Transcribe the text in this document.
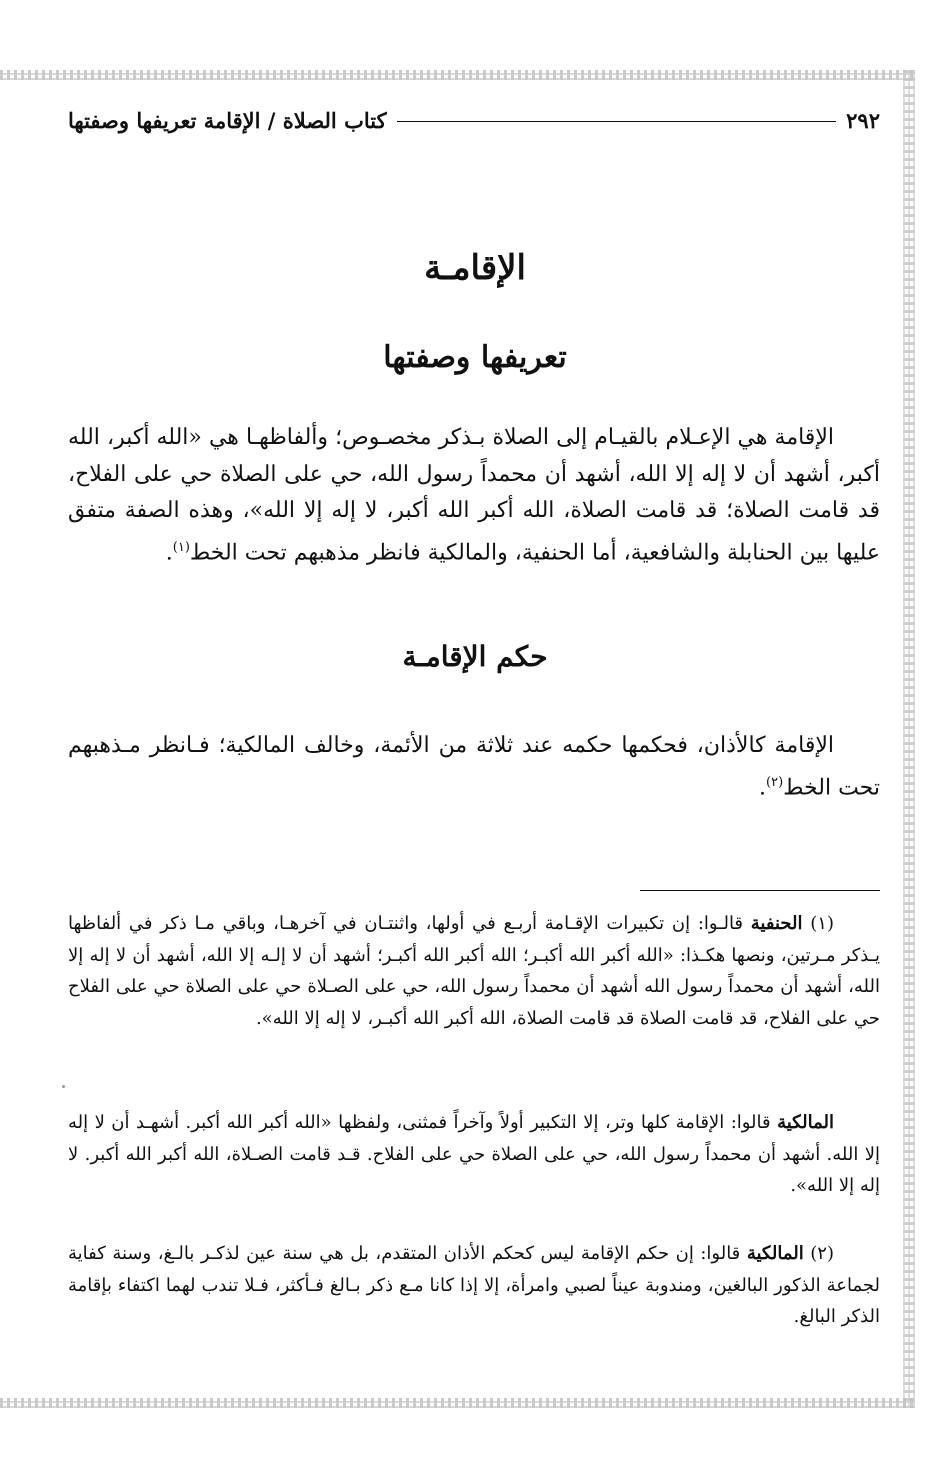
٢٩٢
كتاب الصلاة / الإقامة تعريفها وصفتها
الإقامـة
تعريفها وصفتها
الإقامة هي الإعـلام بالقيـام إلى الصلاة بـذكر مخصـوص؛ وألفاظهـا هي «الله أكبر، الله أكبر، أشهد أن لا إله إلا الله، أشهد أن محمداً رسول الله، حي على الصلاة حي على الفلاح، قد قامت الصلاة؛ قد قامت الصلاة، الله أكبر الله أكبر، لا إله إلا الله»، وهذه الصفة متفق عليها بين الحنابلة والشافعية، أما الحنفية، والمالكية فانظر مذهبهم تحت الخط$^{(١)}$.
حكم الإقامـة
الإقامة كالأذان، فحكمها حكمه عند ثلاثة من الأئمة، وخالف المالكية؛ فـانظر مـذهبهم تحت الخط$^{(٢)}$.
(١) الحنفية قالـوا: إن تكبيرات الإقـامة أربـع في أولها، واثنتـان في آخرهـا، وباقي مـا ذكر في ألفاظها يـذكر مـرتين، ونصها هكـذا: «الله أكبر الله أكبـر؛ الله أكبر الله أكبـر؛ أشهد أن لا إلـه إلا الله، أشهد أن لا إله إلا الله، أشهد أن محمداً رسول الله أشهد أن محمداً رسول الله، حي على الصـلاة حي على الصلاة حي على الفلاح حي على الفلاح، قد قامت الصلاة قد قامت الصلاة، الله أكبر الله أكبـر، لا إله إلا الله».
المالكية قالوا: الإقامة كلها وتر، إلا التكبير أولاً وآخراً فمثنى، ولفظها «الله أكبر الله أكبر. أشهـد أن لا إله إلا الله. أشهد أن محمداً رسول الله، حي على الصلاة حي على الفلاح. قـد قامت الصـلاة، الله أكبر الله أكبر. لا إله إلا الله».
(٢) المالكية قالوا: إن حكم الإقامة ليس كحكم الأذان المتقدم، بل هي سنة عين لذكـر بالـغ، وسنة كفاية لجماعة الذكور البالغين، ومندوبة عيناً لصبي وامرأة، إلا إذا كانا مـع ذكر بـالغ فـأكثر، فـلا تندب لهما اكتفاء بإقامة الذكر البالغ.
